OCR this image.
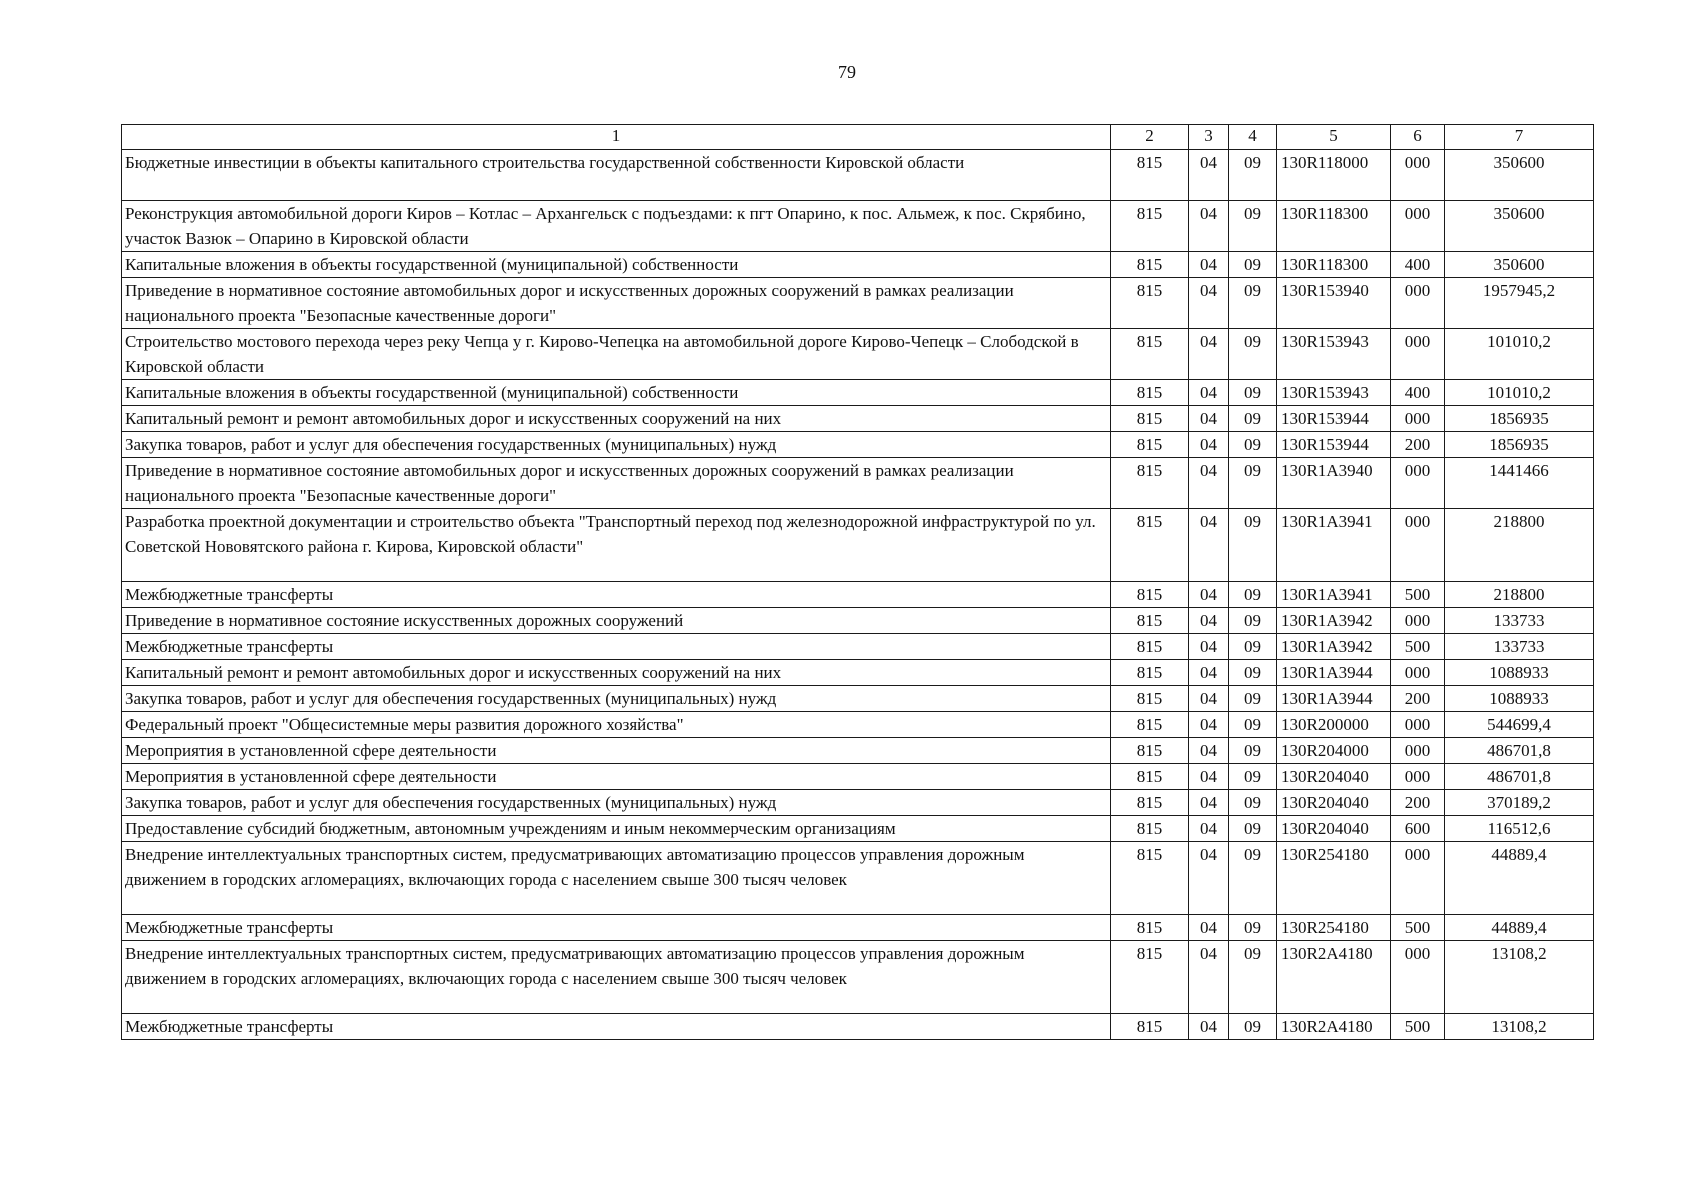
79
1	2	3	4	5	6	7
Бюджетные инвестиции в объекты капитального строительства государственной собственности Кировской области	815	04	09	130R118000	000	350600
Реконструкция автомобильной дороги Киров – Котлас – Архангельск с подъездами: к пгт Опарино, к пос. Альмеж, к пос. Скрябино, участок Вазюк – Опарино в Кировской области	815	04	09	130R118300	000	350600
Капитальные вложения в объекты государственной (муниципальной) собственности	815	04	09	130R118300	400	350600
Приведение в нормативное состояние автомобильных дорог и искусственных дорожных сооружений в рамках реализации национального проекта "Безопасные качественные дороги"	815	04	09	130R153940	000	1957945,2
Строительство мостового перехода через реку Чепца у г. Кирово-Чепецка на автомобильной дороге Кирово-Чепецк – Слободской в Кировской области	815	04	09	130R153943	000	101010,2
Капитальные вложения в объекты государственной (муниципальной) собственности	815	04	09	130R153943	400	101010,2
Капитальный ремонт и ремонт автомобильных дорог и искусственных сооружений на них	815	04	09	130R153944	000	1856935
Закупка товаров, работ и услуг для обеспечения государственных (муниципальных) нужд	815	04	09	130R153944	200	1856935
Приведение в нормативное состояние автомобильных дорог и искусственных дорожных сооружений в рамках реализации национального проекта "Безопасные качественные дороги"	815	04	09	130R1A3940	000	1441466
Разработка проектной документации и строительство объекта "Транспортный переход под железнодорожной инфраструктурой по ул. Советской Нововятского района г. Кирова, Кировской области"	815	04	09	130R1A3941	000	218800
Межбюджетные трансферты	815	04	09	130R1A3941	500	218800
Приведение в нормативное состояние искусственных дорожных сооружений	815	04	09	130R1A3942	000	133733
Межбюджетные трансферты	815	04	09	130R1A3942	500	133733
Капитальный ремонт и ремонт автомобильных дорог и искусственных сооружений на них	815	04	09	130R1A3944	000	1088933
Закупка товаров, работ и услуг для обеспечения государственных (муниципальных) нужд	815	04	09	130R1A3944	200	1088933
Федеральный проект "Общесистемные меры развития дорожного хозяйства"	815	04	09	130R200000	000	544699,4
Мероприятия в установленной сфере деятельности	815	04	09	130R204000	000	486701,8
Мероприятия в установленной сфере деятельности	815	04	09	130R204040	000	486701,8
Закупка товаров, работ и услуг для обеспечения государственных (муниципальных) нужд	815	04	09	130R204040	200	370189,2
Предоставление субсидий бюджетным, автономным учреждениям и иным некоммерческим организациям	815	04	09	130R204040	600	116512,6
Внедрение интеллектуальных транспортных систем, предусматривающих автоматизацию процессов управления дорожным движением в городских агломерациях, включающих города с населением свыше 300 тысяч человек	815	04	09	130R254180	000	44889,4
Межбюджетные трансферты	815	04	09	130R254180	500	44889,4
Внедрение интеллектуальных транспортных систем, предусматривающих автоматизацию процессов управления дорожным движением в городских агломерациях, включающих города с населением свыше 300 тысяч человек	815	04	09	130R2A4180	000	13108,2
Межбюджетные трансферты	815	04	09	130R2A4180	500	13108,2
